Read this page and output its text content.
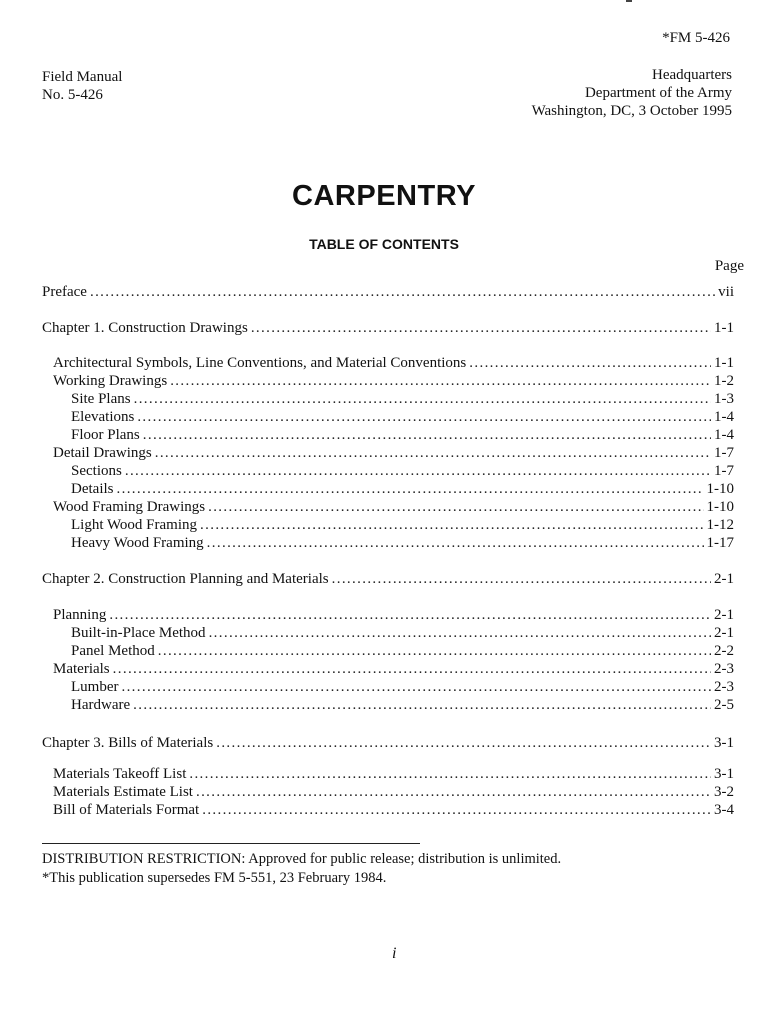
*FM 5-426
Field Manual
No. 5-426
Headquarters
Department of the Army
Washington, DC, 3 October 1995
CARPENTRY
TABLE OF CONTENTS
Page
Preface . . .	vii
Chapter 1. Construction Drawings . . .	1-1
Architectural Symbols, Line Conventions, and Material Conventions . . .	1-1
Working Drawings . . .	1-2
Site Plans . . .	1-3
Elevations . . .	1-4
Floor Plans . . .	1-4
Detail Drawings . . .	1-7
Sections . . .	1-7
Details . . .	1-10
Wood Framing Drawings . . .	1-10
Light Wood Framing . . .	1-12
Heavy Wood Framing . . .	1-17
Chapter 2. Construction Planning and Materials . . .	2-1
Planning . . .	2-1
Built-in-Place Method . . .	2-1
Panel Method . . .	2-2
Materials . . .	2-3
Lumber . . .	2-3
Hardware . . .	2-5
Chapter 3. Bills of Materials . . .	3-1
Materials Takeoff List . . .	3-1
Materials Estimate List . . .	3-2
Bill of Materials Format . . .	3-4
DISTRIBUTION RESTRICTION: Approved for public release; distribution is unlimited.
*This publication supersedes FM 5-551, 23 February 1984.
i
